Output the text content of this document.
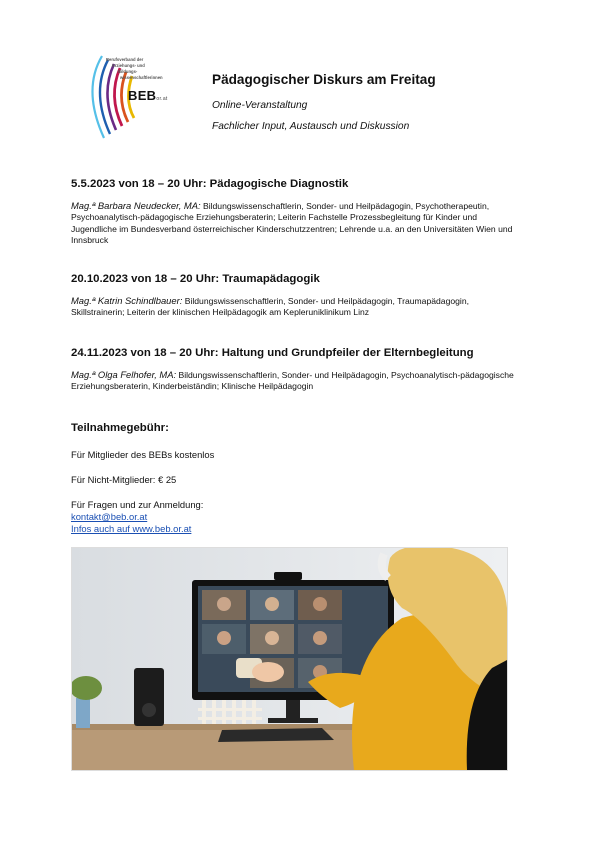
Berufsverband der
Erziehungs- und
Bildungs-
wissenschaftlerinnen
BEBor.at
Pädagogischer Diskurs am Freitag
Online-Veranstaltung
Fachlicher Input, Austausch und Diskussion
5.5.2023 von 18 – 20 Uhr: Pädagogische Diagnostik

Mag.ª Barbara Neudecker, MA: Bildungswissenschaftlerin, Sonder- und Heilpädagogin, Psychotherapeutin, Psychoanalytisch-pädagogische Erziehungsberaterin; Leiterin Fachstelle Prozessbegleitung für Kinder und Jugendliche im Bundesverband österreichischer Kinderschutzzentren; Lehrende u.a. an den Universitäten Wien und Innsbruck

20.10.2023 von 18 – 20 Uhr: Traumapädagogik

Mag.ª Katrin Schindlbauer: Bildungswissenschaftlerin, Sonder- und Heilpädagogin, Traumapädagogin, Skillstrainerin; Leiterin der klinischen Heilpädagogik am Kepleruniklinikum Linz

24.11.2023 von 18 – 20 Uhr: Haltung und Grundpfeiler der Elternbegleitung

Mag.ª Olga Felhofer, MA: Bildungswissenschaftlerin, Sonder- und Heilpädagogin, Psychoanalytisch-pädagogische Erziehungsberaterin, Kinderbeiständin; Klinische Heilpädagogin

Teilnahmegebühr:
Für Mitglieder des BEBs kostenlos
Für Nicht-Mitglieder: € 25
Für Fragen und zur Anmeldung:
kontakt@beb.or.at
Infos auch auf www.beb.or.at
